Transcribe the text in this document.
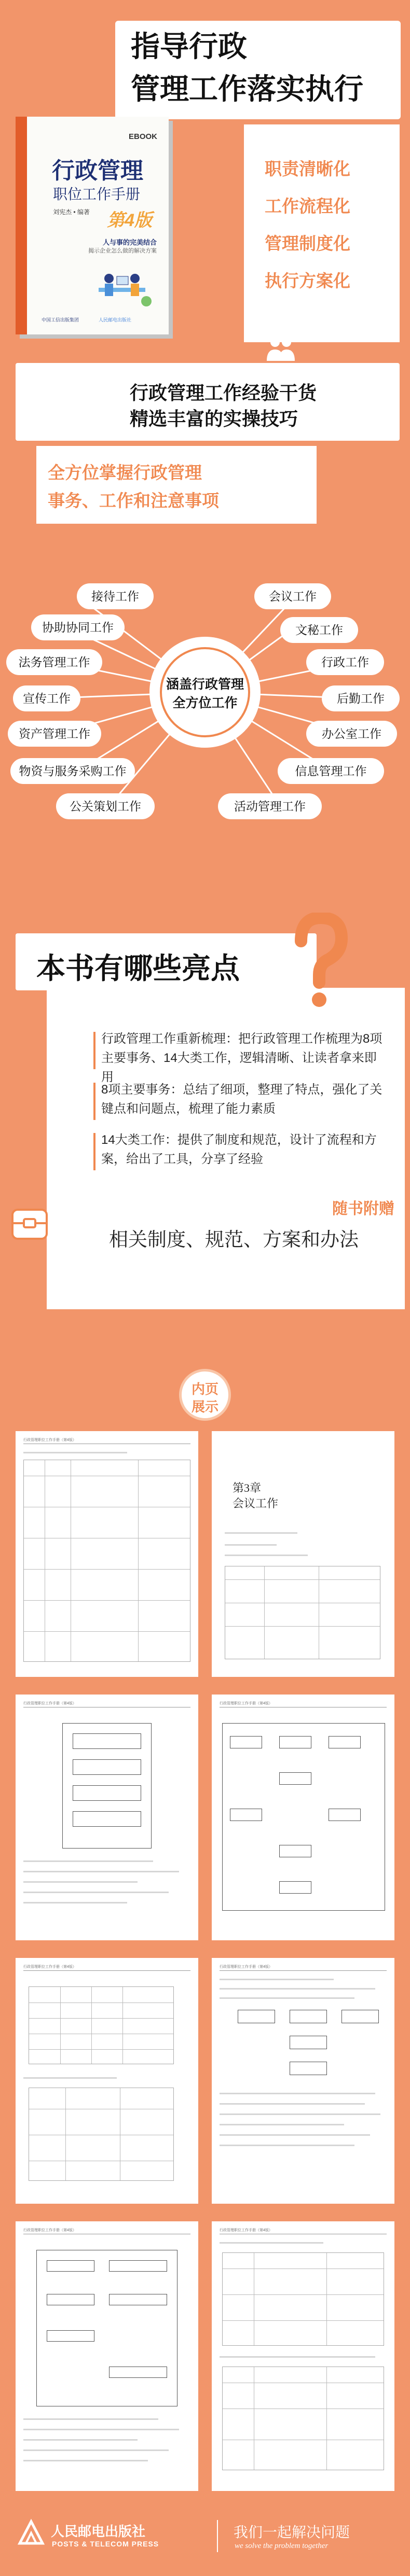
指导行政
管理工作落实执行
职责清晰化
工作流程化
管理制度化
执行方案化
EBOOK
行政管理
职位工作手册
刘宪杰 • 编著 第4版
人与事的完美结合
揭示企业怎么做的解决方案
中国工信出版集团	人民邮电出版社
行政管理工作经验干货
精选丰富的实操技巧
全方位掌握行政管理
事务、工作和注意事项
接待工作	会议工作
协助协同工作	文秘工作
法务管理工作	行政工作
宣传工作	后勤工作
资产管理工作	办公室工作
物资与服务采购工作	信息管理工作
公关策划工作	活动管理工作
涵盖行政管理
全方位工作
本书有哪些亮点
行政管理工作重新梳理：把行政管理工作梳理为8项主要事务、14大类工作，逻辑清晰、让读者拿来即用
8项主要事务：总结了细项，整理了特点，强化了关键点和问题点，梳理了能力素质
14大类工作：提供了制度和规范，设计了流程和方案，给出了工具，分享了经验
随书附赠
相关制度、规范、方案和办法
内页
展示
行政管理职位工作手册（第4版）
第3章
会议工作
行政管理职位工作手册（第4版）	行政管理职位工作手册（第4版）
行政管理职位工作手册（第4版）	行政管理职位工作手册（第4版）
行政管理职位工作手册（第4版）	行政管理职位工作手册（第4版）
人民邮电出版社
POSTS & TELECOM PRESS
我们一起解决问题
we solve the problem together
